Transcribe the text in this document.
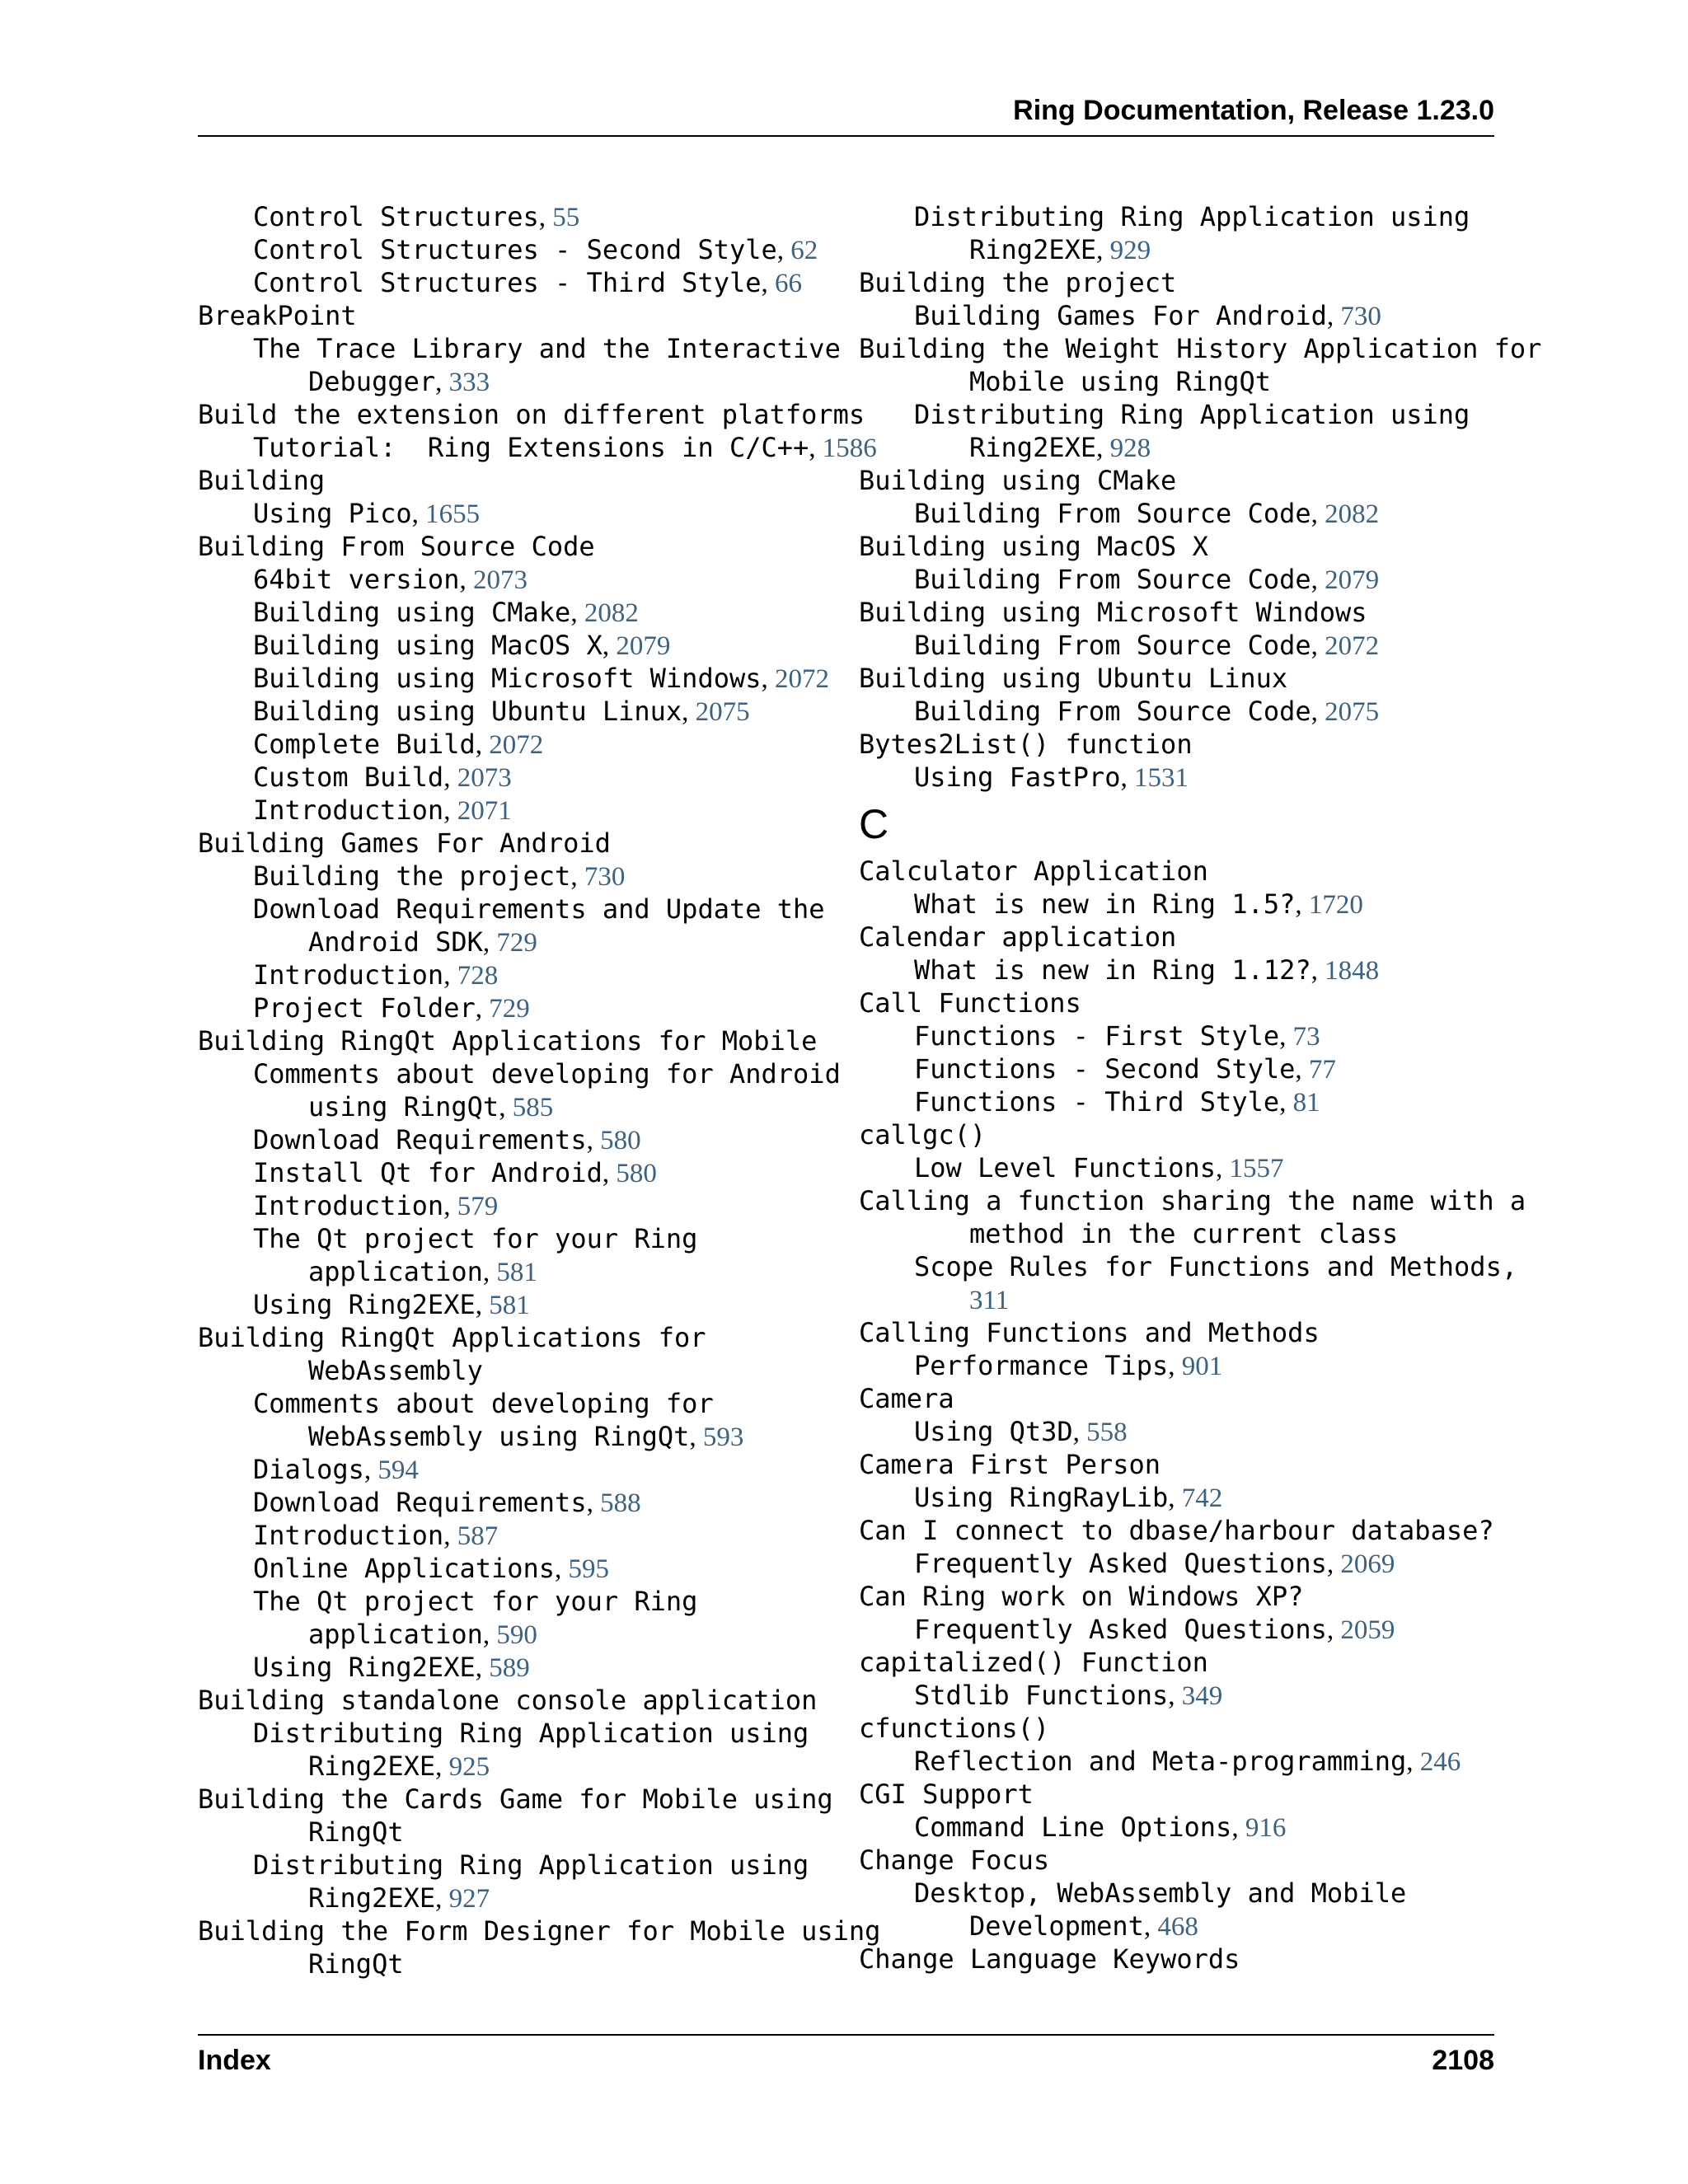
Ring Documentation, Release 1.23.0
Control Structures, 55
Control Structures - Second Style, 62
Control Structures - Third Style, 66
BreakPoint
The Trace Library and the Interactive
Debugger, 333
Build the extension on different platforms
Tutorial:  Ring Extensions in C/C++, 1586
Building
Using Pico, 1655
Building From Source Code
64bit version, 2073
Building using CMake, 2082
Building using MacOS X, 2079
Building using Microsoft Windows, 2072
Building using Ubuntu Linux, 2075
Complete Build, 2072
Custom Build, 2073
Introduction, 2071
Building Games For Android
Building the project, 730
Download Requirements and Update the
Android SDK, 729
Introduction, 728
Project Folder, 729
Building RingQt Applications for Mobile
Comments about developing for Android
using RingQt, 585
Download Requirements, 580
Install Qt for Android, 580
Introduction, 579
The Qt project for your Ring
application, 581
Using Ring2EXE, 581
Building RingQt Applications for
WebAssembly
Comments about developing for
WebAssembly using RingQt, 593
Dialogs, 594
Download Requirements, 588
Introduction, 587
Online Applications, 595
The Qt project for your Ring
application, 590
Using Ring2EXE, 589
Building standalone console application
Distributing Ring Application using
Ring2EXE, 925
Building the Cards Game for Mobile using
RingQt
Distributing Ring Application using
Ring2EXE, 927
Building the Form Designer for Mobile using
RingQt
Distributing Ring Application using
Ring2EXE, 929
Building the project
Building Games For Android, 730
Building the Weight History Application for
Mobile using RingQt
Distributing Ring Application using
Ring2EXE, 928
Building using CMake
Building From Source Code, 2082
Building using MacOS X
Building From Source Code, 2079
Building using Microsoft Windows
Building From Source Code, 2072
Building using Ubuntu Linux
Building From Source Code, 2075
Bytes2List() function
Using FastPro, 1531
C
Calculator Application
What is new in Ring 1.5?, 1720
Calendar application
What is new in Ring 1.12?, 1848
Call Functions
Functions - First Style, 73
Functions - Second Style, 77
Functions - Third Style, 81
callgc()
Low Level Functions, 1557
Calling a function sharing the name with a
method in the current class
Scope Rules for Functions and Methods,
311
Calling Functions and Methods
Performance Tips, 901
Camera
Using Qt3D, 558
Camera First Person
Using RingRayLib, 742
Can I connect to dbase/harbour database?
Frequently Asked Questions, 2069
Can Ring work on Windows XP?
Frequently Asked Questions, 2059
capitalized() Function
Stdlib Functions, 349
cfunctions()
Reflection and Meta-programming, 246
CGI Support
Command Line Options, 916
Change Focus
Desktop, WebAssembly and Mobile
Development, 468
Change Language Keywords
Index	2108
